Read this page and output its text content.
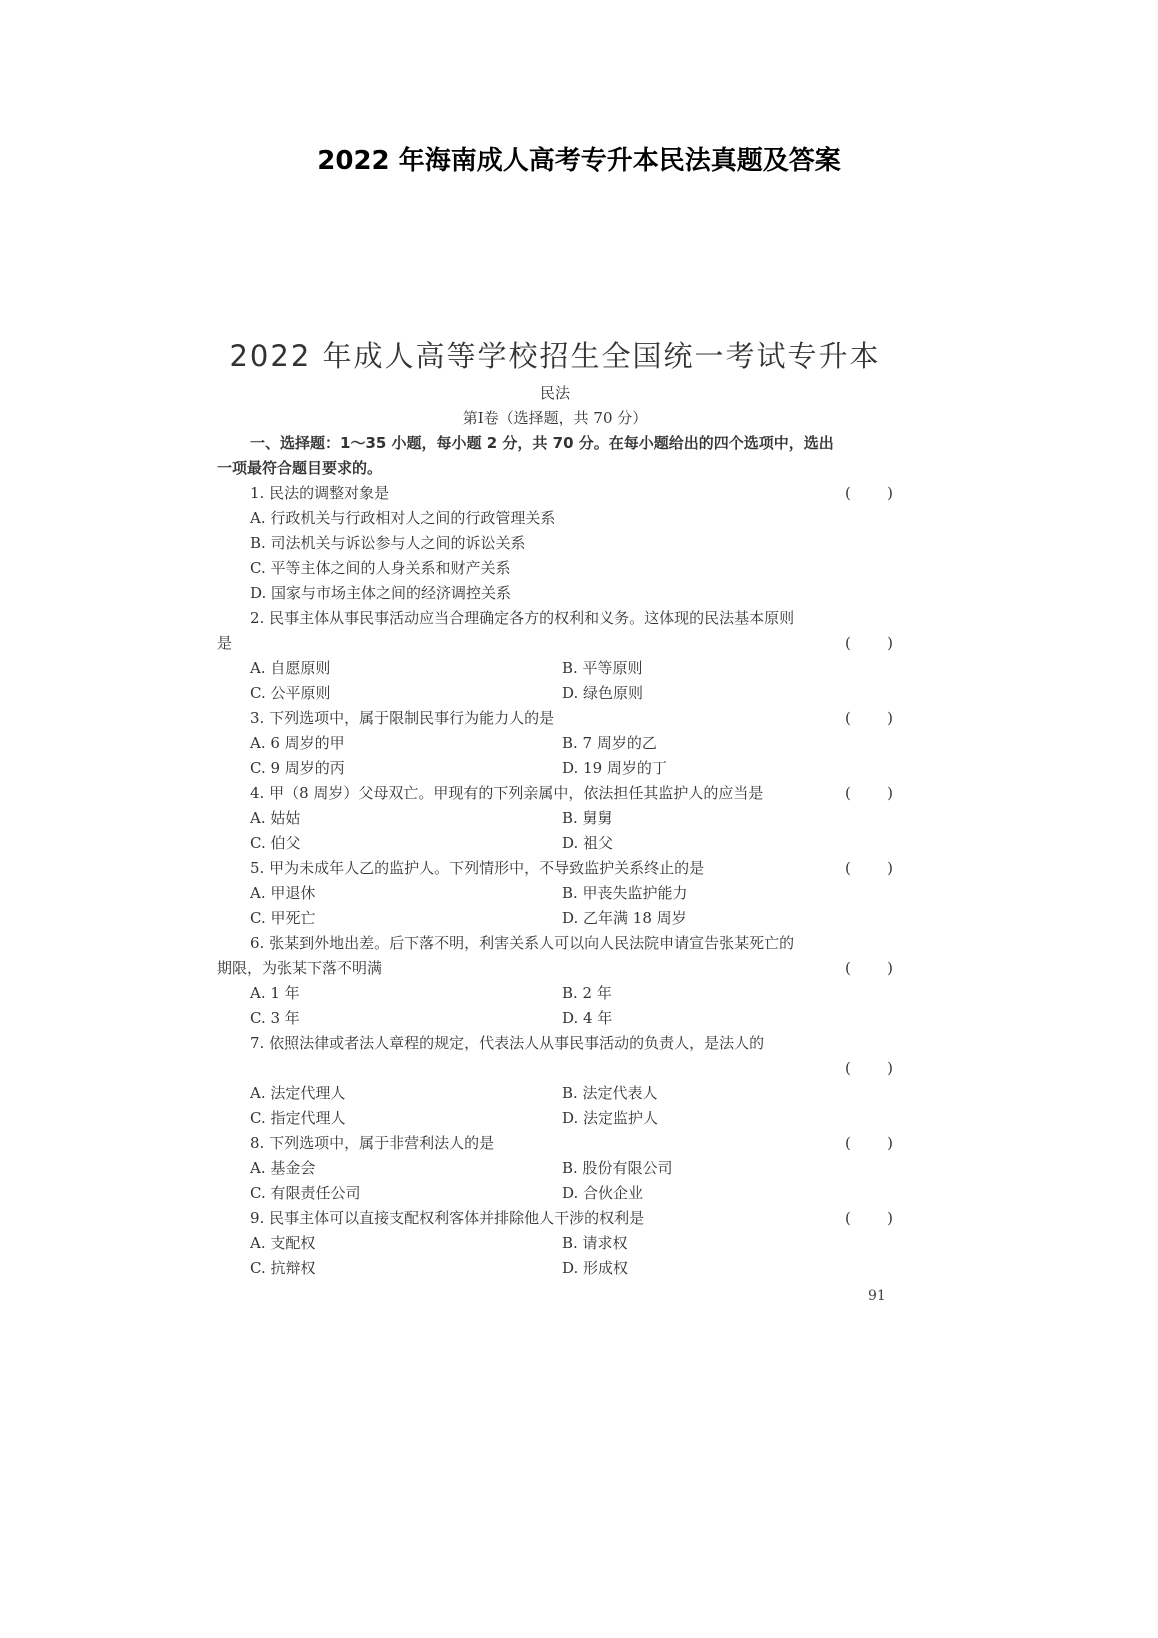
2022 年海南成人高考专升本民法真题及答案
2022 年成人高等学校招生全国统一考试专升本
民法
第Ⅰ卷（选择题，共 70 分）
一、选择题：1～35 小题，每小题 2 分，共 70 分。在每小题给出的四个选项中，选出
一项最符合题目要求的。
1. 民法的调整对象是	( )
A. 行政机关与行政相对人之间的行政管理关系
B. 司法机关与诉讼参与人之间的诉讼关系
C. 平等主体之间的人身关系和财产关系
D. 国家与市场主体之间的经济调控关系
2. 民事主体从事民事活动应当合理确定各方的权利和义务。这体现的民法基本原则
是	( )
A. 自愿原则	B. 平等原则
C. 公平原则	D. 绿色原则
3. 下列选项中，属于限制民事行为能力人的是	( )
A. 6 周岁的甲	B. 7 周岁的乙
C. 9 周岁的丙	D. 19 周岁的丁
4. 甲（8 周岁）父母双亡。甲现有的下列亲属中，依法担任其监护人的应当是	( )
A. 姑姑	B. 舅舅
C. 伯父	D. 祖父
5. 甲为未成年人乙的监护人。下列情形中，不导致监护关系终止的是	( )
A. 甲退休	B. 甲丧失监护能力
C. 甲死亡	D. 乙年满 18 周岁
6. 张某到外地出差。后下落不明，利害关系人可以向人民法院申请宣告张某死亡的
期限，为张某下落不明满	( )
A. 1 年	B. 2 年
C. 3 年	D. 4 年
7. 依照法律或者法人章程的规定，代表法人从事民事活动的负责人，是法人的
( )
A. 法定代理人	B. 法定代表人
C. 指定代理人	D. 法定监护人
8. 下列选项中，属于非营利法人的是	( )
A. 基金会	B. 股份有限公司
C. 有限责任公司	D. 合伙企业
9. 民事主体可以直接支配权利客体并排除他人干涉的权利是	( )
A. 支配权	B. 请求权
C. 抗辩权	D. 形成权
91
